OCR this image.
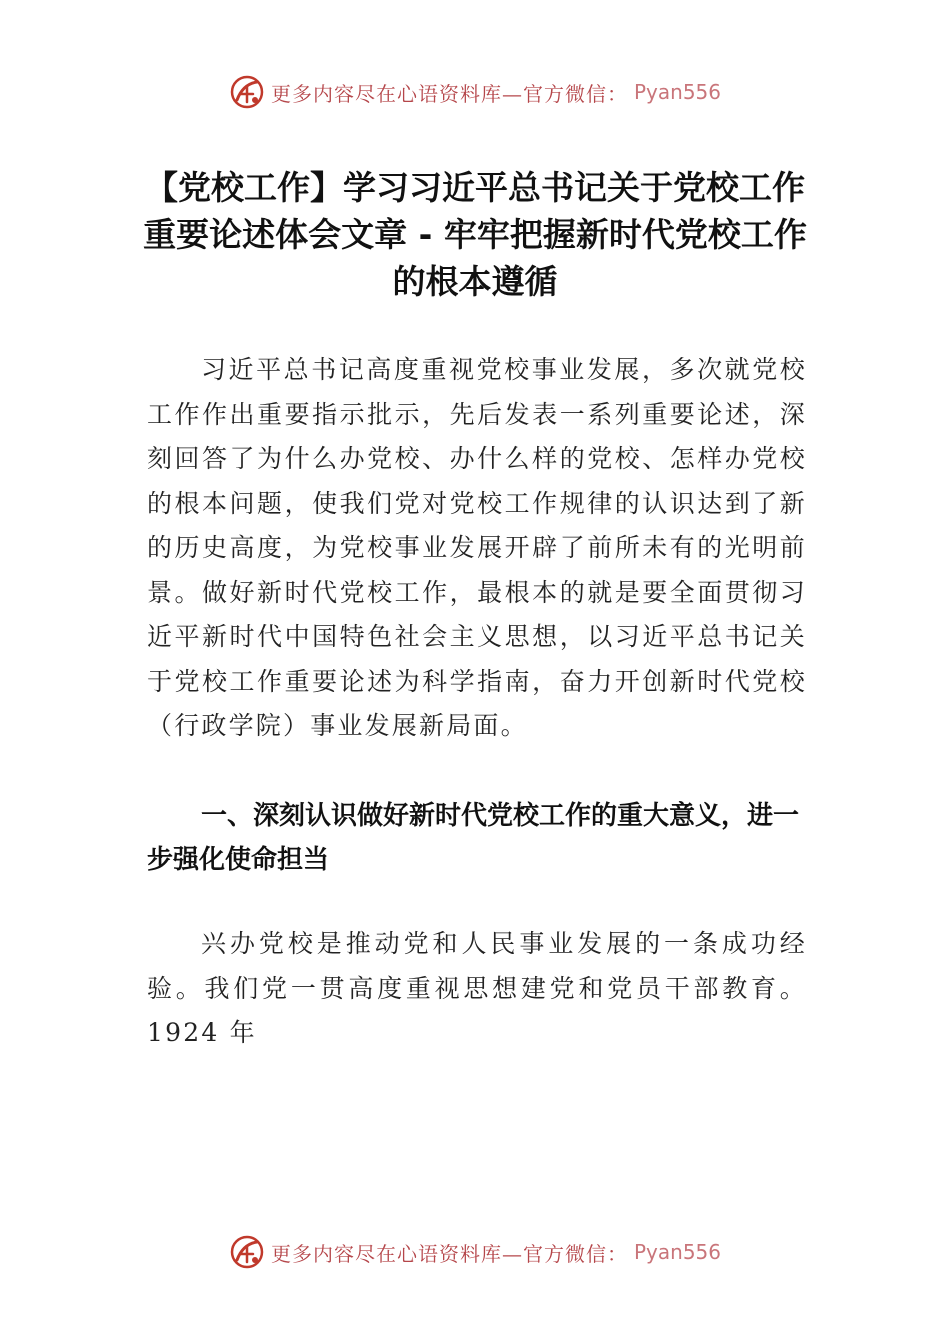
更多内容尽在心语资料库—官方微信： Pyan556
【党校工作】学习习近平总书记关于党校工作重要论述体会文章 - 牢牢把握新时代党校工作的根本遵循

习近平总书记高度重视党校事业发展，多次就党校工作作出重要指示批示，先后发表一系列重要论述，深刻回答了为什么办党校、办什么样的党校、怎样办党校的根本问题，使我们党对党校工作规律的认识达到了新的历史高度，为党校事业发展开辟了前所未有的光明前景。做好新时代党校工作，最根本的就是要全面贯彻习近平新时代中国特色社会主义思想，以习近平总书记关于党校工作重要论述为科学指南，奋力开创新时代党校（行政学院）事业发展新局面。

一、深刻认识做好新时代党校工作的重大意义，进一步强化使命担当

兴办党校是推动党和人民事业发展的一条成功经验。我们党一贯高度重视思想建党和党员干部教育。1924 年

更多内容尽在心语资料库—官方微信： Pyan556
